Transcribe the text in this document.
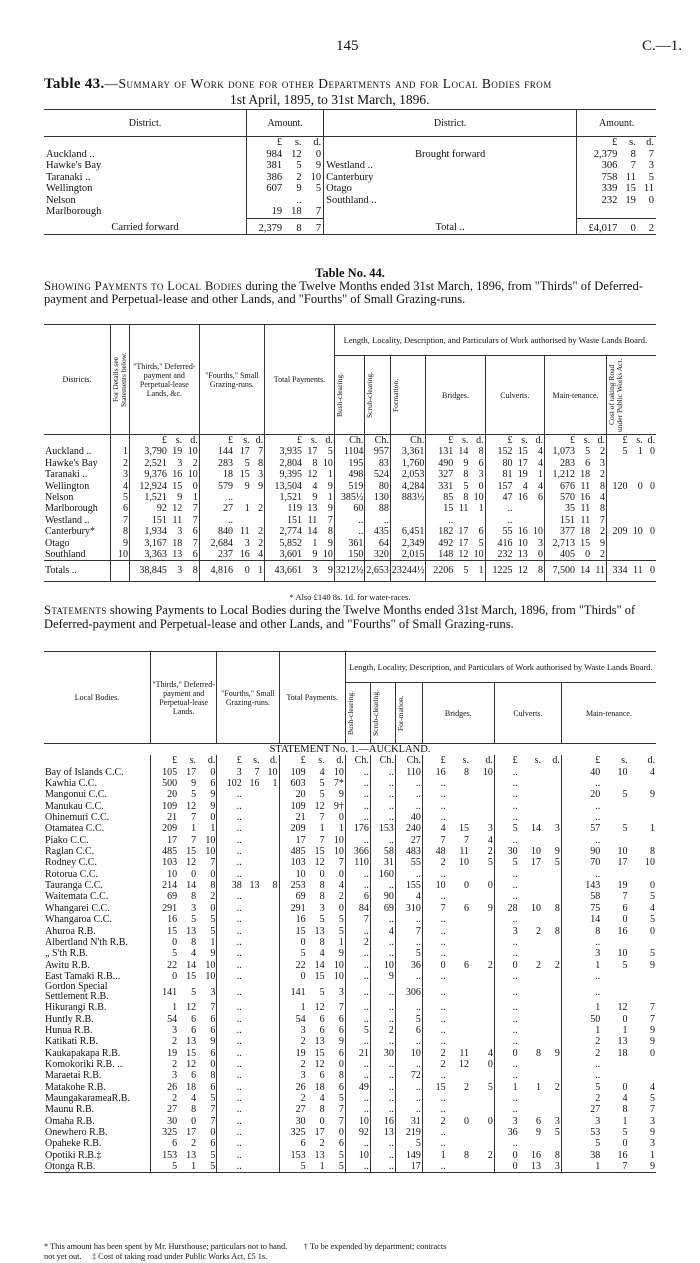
145	C.—1.
Table 43.—Summary of Work done for other Departments and for Local Bodies from
1st April, 1895, to 31st March, 1896.
District.	Amount.			District.	Amount.		
	£	s.	d.		£	s.	d.
Auckland ..	984	12	0	Brought forward	2,379	8	7
Hawke's Bay	381	5	9	Westland ..	306	7	3
Taranaki ..	386	2	10	Canterbury	758	11	5
Wellington	607	9	5	Otago	339	15	11
Nelson		..		Southland ..	232	19	0
Marlborough	19	18	7				
Carried forward	2,379	8	7	Total ..	£4,017	0	2
Table No. 44.
Showing Payments to Local Bodies during the Twelve Months ended 31st March, 1896, from "Thirds" of Deferred-payment and Perpetual-lease and other Lands, and "Fourths" of Small Grazing-runs.
Districts.	For Details see Statements below.	"Thirds," Deferred-payment and Perpetual-lease Lands, &c.			"Fourths," Small Grazing-runs.			Total Payments.			Length, Locality, Description, and Particulars of Work authorised by Waste Lands Board.														

											Bush-clearing.	Scrub-clearing.	Formation.	Bridges.			Culverts.			Main-tenance.			Cost of taking Road under Public Works Act.		

		£	s.	d.	£	s.	d.	£	s.	d.	Ch.	Ch.	Ch.	£	s.	d.	£	s.	d.	£	s.	d.	£	s.	d.
Auckland ..	1	3,790	19	10	144	17	7	3,935	17	5	1104	957	3,361	131	14	8	152	15	4	1,073	5	2	5	1	0
Hawke's Bay	2	2,521	3	2	283	5	8	2,804	8	10	195	83	1,760	490	9	6	80	17	4	283	6	3			
Taranaki ..	3	9,376	16	10	18	15	3	9,395	12	1	498	524	2,053	327	8	3	81	19	1	1,212	18	2			
Wellington	4	12,924	15	0	579	9	9	13,504	4	9	519	80	4,284	331	5	0	157	4	4	676	11	8	120	0	0
Nelson	5	1,521	9	1	..			1,521	9	1	385½	130	883½	85	8	10	47	16	6	570	16	4			
Marlborough	6	92	12	7	27	1	2	119	13	9	60	88		15	11	1	..			35	11	8			
Westland ..	7	151	11	7	..			151	11	7	..	..		..			..			151	11	7			
Canterbury*	8	1,934	3	6	840	11	2	2,774	14	8	..	435	6,451	182	17	6	55	16	10	377	18	2	209	10	0
Otago	9	3,167	18	7	2,684	3	2	5,852	1	9	361	64	2,349	492	17	5	416	10	3	2,713	15	9			
Southland	10	3,363	13	6	237	16	4	3,601	9	10	150	320	2,015	148	12	10	232	13	0	405	0	2			
Totals ..		38,845	3	8	4,816	0	1	43,661	3	9	3212½	2,653	23244½	2206	5	1	1225	12	8	7,500	14	11	334	11	0
* Also £140 8s. 1d. for water-races.
Statements showing Payments to Local Bodies during the Twelve Months ended 31st March, 1896, from "Thirds" of Deferred-payment and Perpetual-lease and other Lands, and "Fourths" of Small Grazing-runs.
Local Bodies.	"Thirds," Deferred-payment and Perpetual-lease Lands.			"Fourths," Small Grazing-runs.			Total Payments.			Length, Locality, Description, and Particulars of Work authorised by Waste Lands Board.											

										Bush-clearing.	Scrub-clearing.	For-mation.	Bridges.			Culverts.			Main-tenance.		
STATEMENT No. 1.—AUCKLAND.																					
	£	s.	d.	£	s.	d.	£	s.	d.	Ch.	Ch.	Ch.	£	s.	d.	£	s.	d.	£	s.	d.
Bay of Islands C.C.	105	17	0	3	7	10	109	4	10	..	..	110	16	8	10	..			40	10	4
Kawhia C.C.	500	9	6	102	16	1	603	5	7*	..	..	..	..			..			..		
Mangonui C.C.	20	5	9	..			20	5	9	..	..	..	..			..			20	5	9
Manukau C.C.	109	12	9	..			109	12	9†	..	..	..	..			..			..		
Ohinemuri C.C.	21	7	0	..			21	7	0	..	..	40	..			..			..		
Otamatea C.C.	209	1	1	..			209	1	1	176	153	240	4	15	3	5	14	3	57	5	1
Piako C.C.	17	7	10	..			17	7	10	..	..	27	7	7	4	..			..		
Raglan C.C.	485	15	10	..			485	15	10	366	58	483	48	11	2	30	10	9	90	10	8
Rodney C.C.	103	12	7	..			103	12	7	110	31	55	2	10	5	5	17	5	70	17	10
Rotorua C.C.	10	0	0	..			10	0	0	..	160	..	..			..			..		
Tauranga C.C.	214	14	8	38	13	8	253	8	4	..	..	155	10	0	0	..			143	19	0
Waitemata C.C.	69	8	2	..			69	8	2	6	90	4	..			..			58	7	5
Whangarei C.C.	291	3	0	..			291	3	0	84	69	310	7	6	9	28	10	8	75	6	4
Whangaroa C.C.	16	5	5	..			16	5	5	7	..	..	..			..			14	0	5
Ahuroa R.B.	15	13	5	..			15	13	5	..	4	7	..			3	2	8	8	16	0
Albertland N'th R.B.	0	8	1	..			0	8	1	2	..	..	..			..			..		
„ S'th R.B.	5	4	9	..			5	4	9	..	..	5	..			..			3	10	5
Awitu R.B.	22	14	10	..			22	14	10	..	10	36	0	6	2	0	2	2	1	5	9
East Tamaki R.B...	0	15	10	..			0	15	10	..	9	..	..			..			..		
Gordon Special Settlement R.B.	141	5	3	..			141	5	3	..	..	306	..			..			..		
Hikurangi R.B.	1	12	7	..			1	12	7	..	..	..	..			..			1	12	7
Huntly R.B.	54	6	6	..			54	6	6	..	..	5	..			..			50	0	7
Hunua R.B.	3	6	6	..			3	6	6	5	2	6	..			..			1	1	9
Katikati R.B.	2	13	9	..			2	13	9	..	..	..	..			..			2	13	9
Kaukapakapa R.B.	19	15	6	..			19	15	6	21	30	10	2	11	4	0	8	9	2	18	0
Komokoriki R.B. ..	2	12	0	..			2	12	0	..	..	..	2	12	0	..			..		
Maraetai R.B.	3	6	8	..			3	6	8	..	..	72	..			..			..		
Matakohe R.B.	26	18	6	..			26	18	6	49	..	..	15	2	5	1	1	2	5	0	4
MaungakarameaR.B.	2	4	5	..			2	4	5	..	..	..	..			..			2	4	5
Maunu R.B.	27	8	7	..			27	8	7	..	..	..	..			..			27	8	7
Omaha R.B.	30	0	7	..			30	0	7	10	16	31	2	0	0	3	6	3	3	1	3
Onewhero R.B.	325	17	0	..			325	17	0	92	13	219	..			36	9	5	53	5	9
Opaheke R.B.	6	2	6	..			6	2	6	..	..	5	..			..			5	0	3
Opotiki R.B.‡	153	13	5	..			153	13	5	10	..	149	1	8	2	0	16	8	38	16	1
Otonga R.B.	5	1	5	..			5	1	5	..	..	17	..			0	13	3	1	7	9
* This amount has been spent by Mr. Hursthouse; particulars not to hand. † To be expended by department; contracts
not yet out. ‡ Cost of taking road under Public Works Act, £5 1s.
